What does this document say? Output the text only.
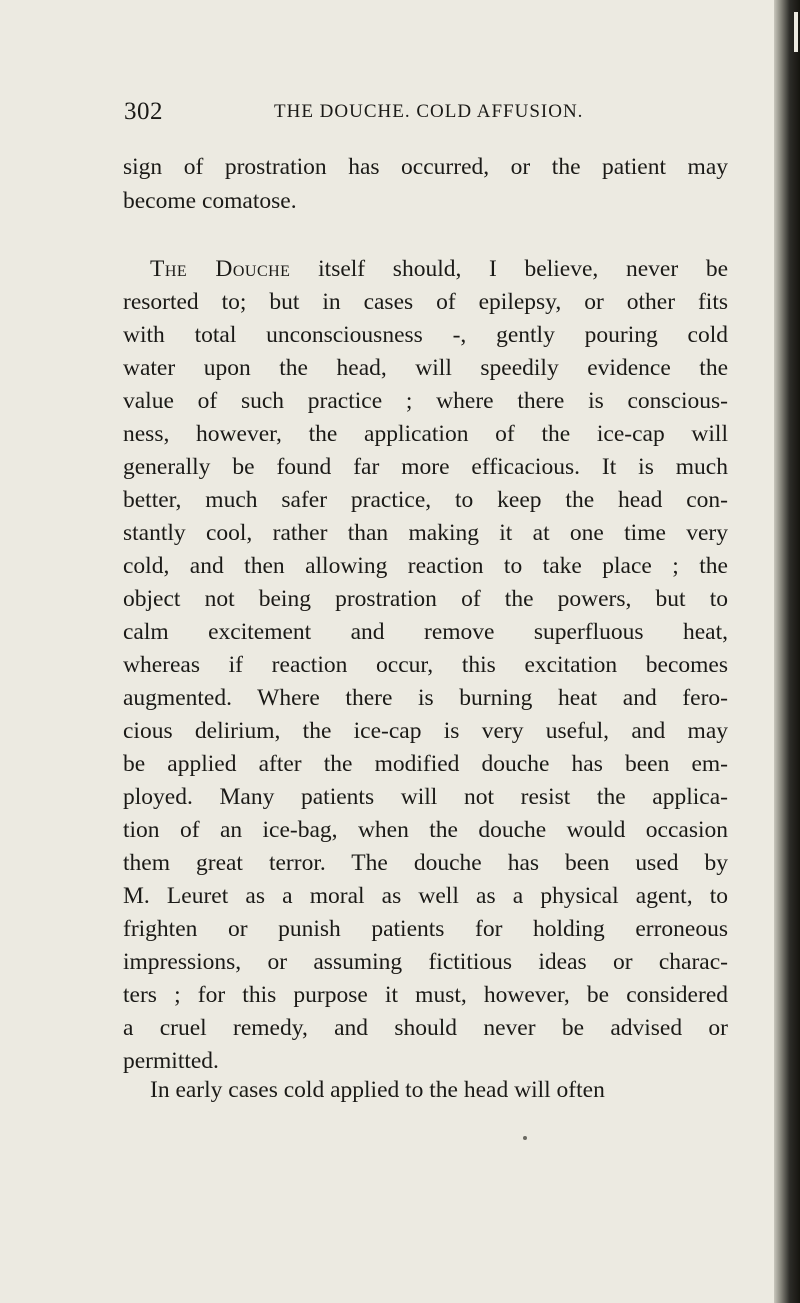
302	THE DOUCHE. COLD AFFUSION.
sign of prostration has occurred, or the patient may
become comatose.
The Douche itself should, I believe, never be
resorted to; but in cases of epilepsy, or other fits
with total unconsciousness -, gently pouring cold
water upon the head, will speedily evidence the
value of such practice ; where there is conscious-
ness, however, the application of the ice-cap will
generally be found far more efficacious. It is much
better, much safer practice, to keep the head con-
stantly cool, rather than making it at one time very
cold, and then allowing reaction to take place ; the
object not being prostration of the powers, but to
calm excitement and remove superfluous heat,
whereas if reaction occur, this excitation becomes
augmented. Where there is burning heat and fero-
cious delirium, the ice-cap is very useful, and may
be applied after the modified douche has been em-
ployed. Many patients will not resist the applica-
tion of an ice-bag, when the douche would occasion
them great terror. The douche has been used by
M. Leuret as a moral as well as a physical agent, to
frighten or punish patients for holding erroneous
impressions, or assuming fictitious ideas or charac-
ters ; for this purpose it must, however, be considered
a cruel remedy, and should never be advised or
permitted.
In early cases cold applied to the head will often
